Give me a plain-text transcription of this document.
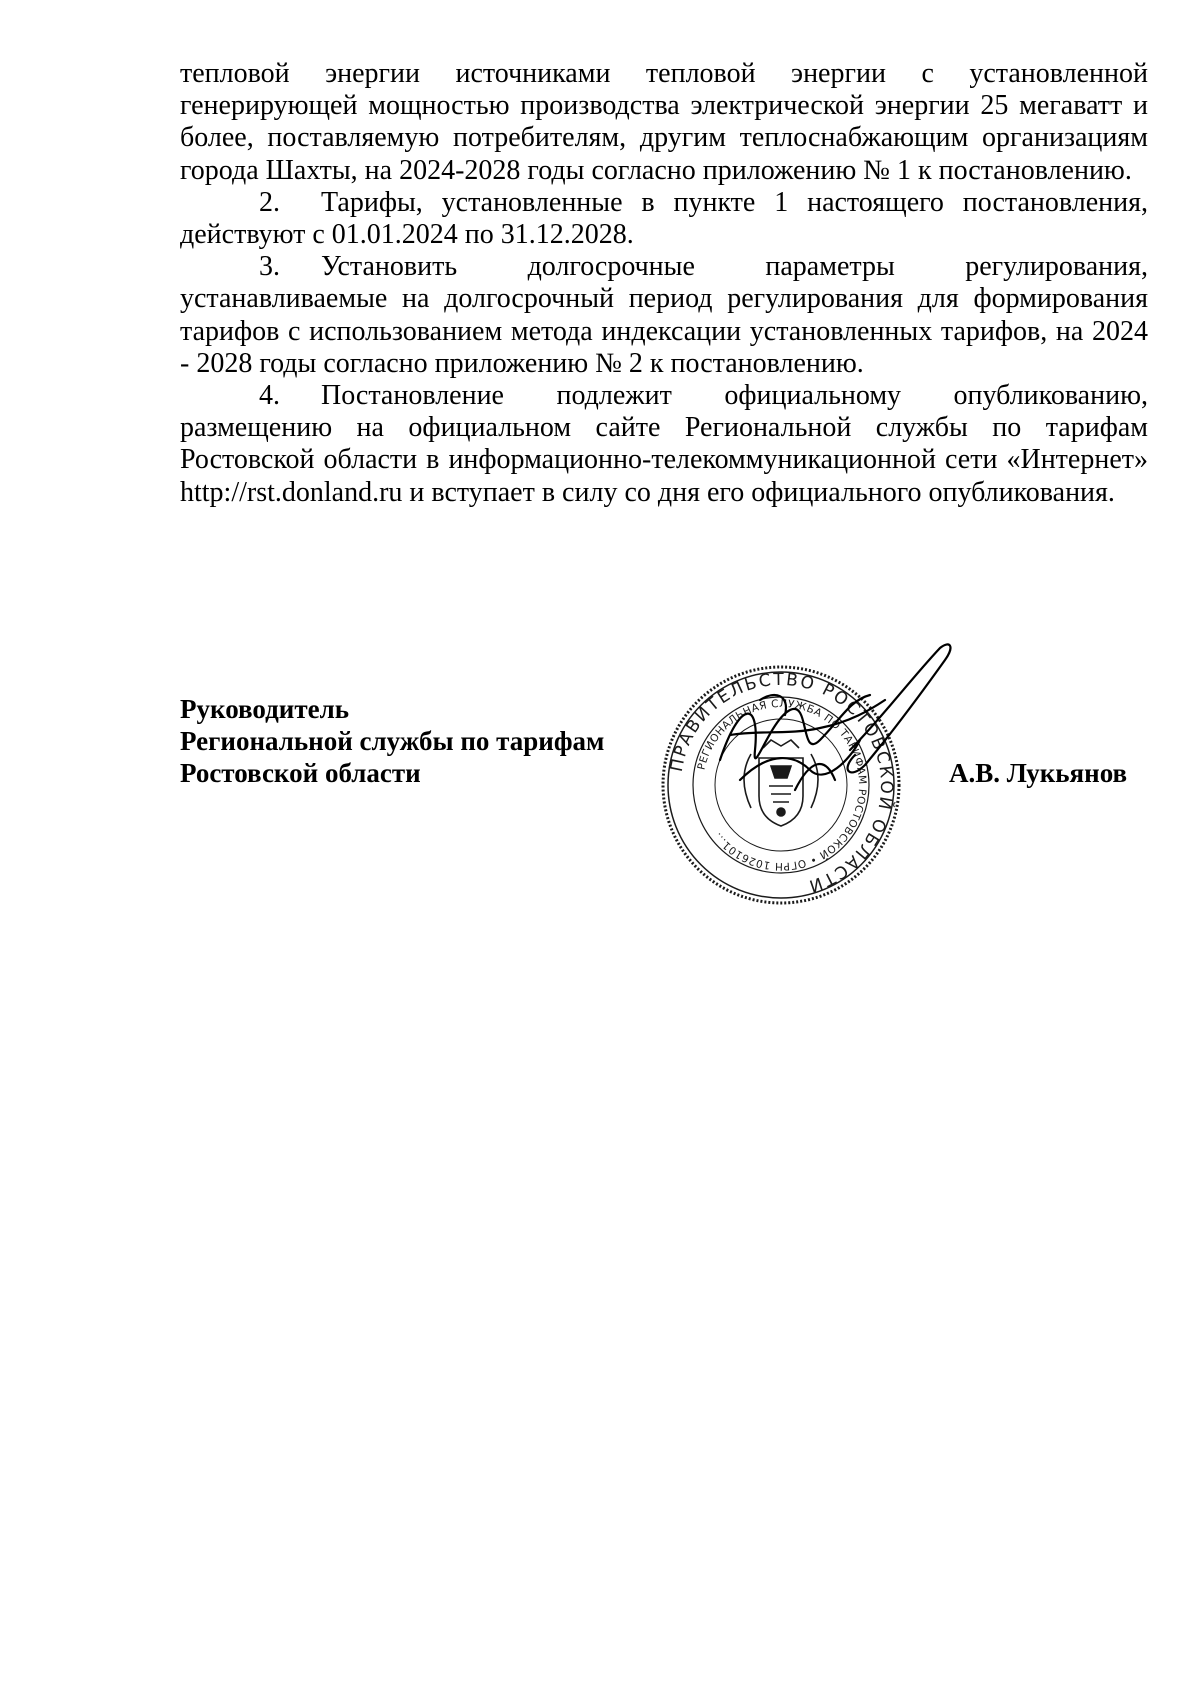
тепловой энергии источниками тепловой энергии с установленной генерирующей мощностью производства электрической энергии 25 мегаватт и более, поставляемую потребителям, другим теплоснабжающим организациям города Шахты, на 2024-2028 годы согласно приложению № 1 к постановлению.

2. Тарифы, установленные в пункте 1 настоящего постановления, действуют с 01.01.2024 по 31.12.2028.

3. Установить долгосрочные параметры регулирования, устанавливаемые на долгосрочный период регулирования для формирования тарифов с использованием метода индексации установленных тарифов, на 2024 - 2028 годы согласно приложению № 2 к постановлению.

4. Постановление подлежит официальному опубликованию, размещению на официальном сайте Региональной службы по тарифам Ростовской области в информационно-телекоммуникационной сети «Интернет» http://rst.donland.ru и вступает в силу со дня его официального опубликования.

Руководитель
Региональной службы по тарифам
Ростовской области	ПРАВИТЕЛЬСТВО РОСТОВСКОЙ ОБЛАСТИ
РЕГИОНАЛЬНАЯ СЛУЖБА ПО ТАРИФАМ РОСТОВСКОЙ • ОГРН 1026101...
А.В. Лукьянов
